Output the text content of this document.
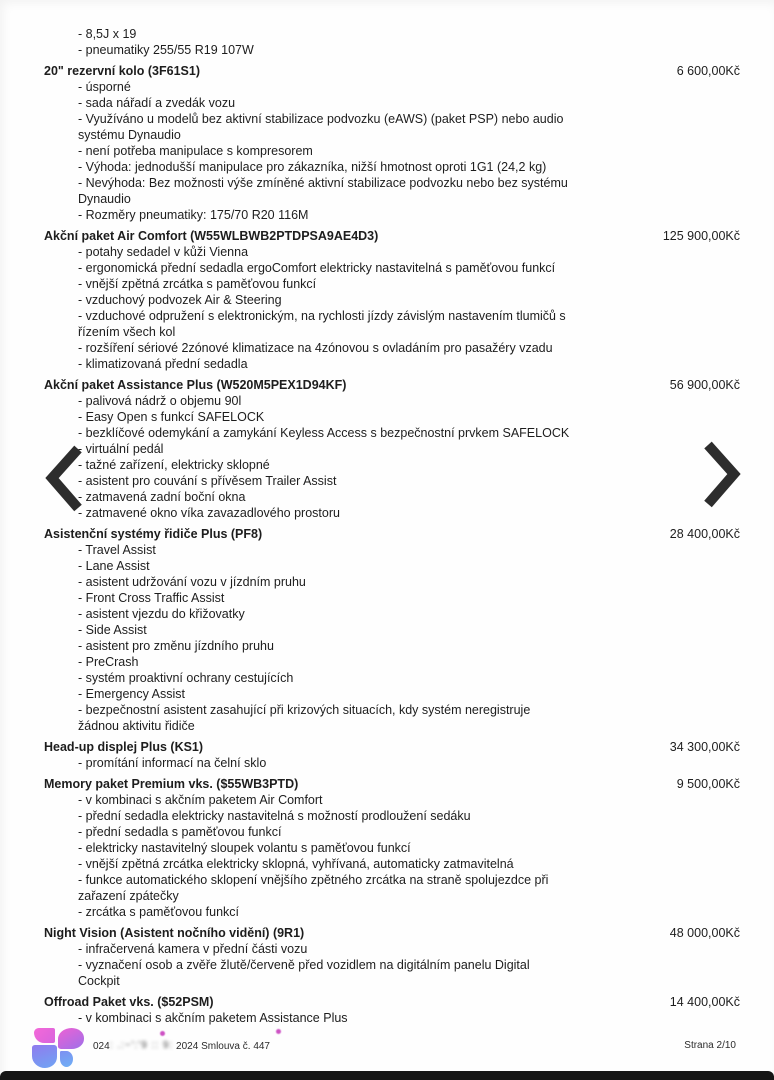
- 8,5J x 19
- pneumatiky 255/55 R19 107W
20" rezervní kolo (3F61S1)	6 600,00Kč
- úsporné
- sada nářadí a zvedák vozu
- Využíváno u modelů bez aktivní stabilizace podvozku (eAWS) (paket PSP) nebo audio
systému Dynaudio
- není potřeba manipulace s kompresorem
- Výhoda: jednodušší manipulace pro zákazníka, nižší hmotnost oproti 1G1 (24,2 kg)
- Nevýhoda: Bez možnosti výše zmíněné aktivní stabilizace podvozku nebo bez systému
Dynaudio
- Rozměry pneumatiky: 175/70 R20 116M
Akční paket Air Comfort (W55WLBWB2PTDPSA9AE4D3)	125 900,00Kč
- potahy sedadel v kůži Vienna
- ergonomická přední sedadla ergoComfort elektricky nastavitelná s paměťovou funkcí
- vnější zpětná zrcátka s paměťovou funkcí
- vzduchový podvozek Air & Steering
- vzduchové odpružení s elektronickým, na rychlosti jízdy závislým nastavením tlumičů s
řízením všech kol
- rozšíření sériové 2zónové klimatizace na 4zónovou s ovladáním pro pasažéry vzadu
- klimatizovaná přední sedadla
Akční paket Assistance Plus (W520M5PEX1D94KF)	56 900,00Kč
- palivová nádrž o objemu 90l
- Easy Open s funkcí SAFELOCK
- bezklíčové odemykání a zamykání Keyless Access s bezpečnostní prvkem SAFELOCK
- virtuální pedál
- tažné zařízení, elektricky sklopné
- asistent pro couvání s přívěsem Trailer Assist
- zatmavená zadní boční okna
- zatmavené okno víka zavazadlového prostoru
Asistenční systémy řidiče Plus (PF8)	28 400,00Kč
- Travel Assist
- Lane Assist
- asistent udržování vozu v jízdním pruhu
- Front Cross Traffic Assist
- asistent vjezdu do křižovatky
- Side Assist
- asistent pro změnu jízdního pruhu
- PreCrash
- systém proaktivní ochrany cestujících
- Emergency Assist
- bezpečnostní asistent zasahující při krizových situacích, kdy systém neregistruje
žádnou aktivitu řidiče
Head-up displej Plus (KS1)	34 300,00Kč
- promítání informací na čelní sklo
Memory paket Premium vks. ($55WB3PTD)	9 500,00Kč
- v kombinaci s akčním paketem Air Comfort
- přední sedadla elektricky nastavitelná s možností prodloužení sedáku
- přední sedadla s paměťovou funkcí
- elektricky nastavitelný sloupek volantu s paměťovou funkcí
- vnější zpětná zrcátka elektricky sklopná, vyhřívaná, automaticky zatmavitelná
- funkce automatického sklopení vnějšího zpětného zrcátka na straně spolujezdce při
zařazení zpátečky
- zrcátka s paměťovou funkcí
Night Vision (Asistent nočního vidění) (9R1)	48 000,00Kč
- infračervená kamera v přední části vozu
- vyznačení osob a zvěře žlutě/červeně před vozidlem na digitálním panelu Digital
Cockpit
Offroad Paket vks. ($52PSM)	14 400,00Kč
- v kombinaci s akčním paketem Assistance Plus
024: .:~':'9 :: 9: 2024 Smlouva č. 447	Strana 2/10
